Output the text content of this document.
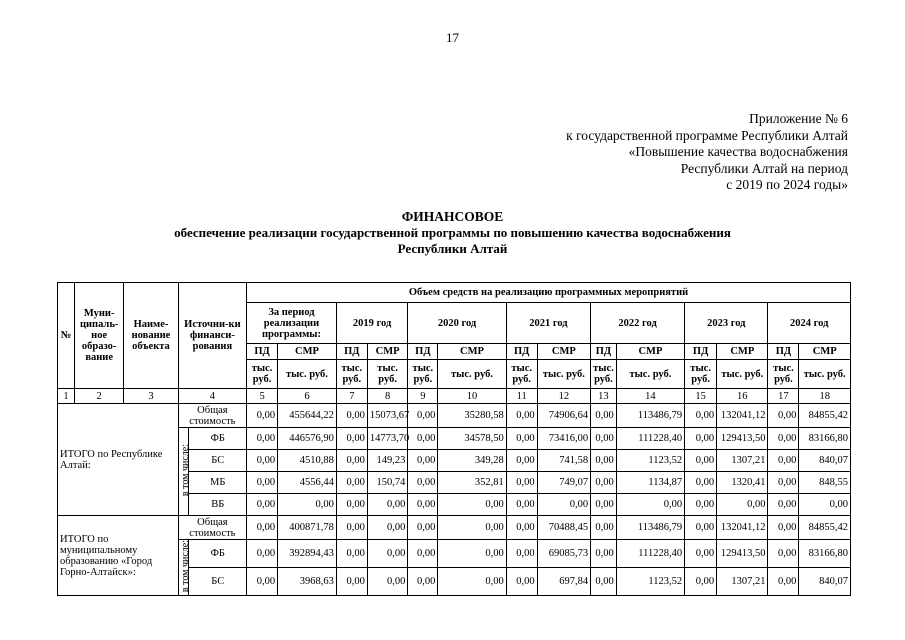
17
Приложение № 6
к государственной программе Республики Алтай
«Повышение качества водоснабжения
Республики Алтай на период
с 2019 по 2024 годы»
ФИНАНСОВОЕ
обеспечение реализации государственной программы по повышению качества водоснабжения
Республики Алтай
№	Муни-ципаль-ное образо-вание	Наиме-нование объекта	Источни-ки финанси-рования		Объем средств на реализацию программных мероприятий													
					За период реализации программы:		2019 год		2020 год		2021 год		2022 год		2023 год		2024 год	
					ПД	СМР	ПД	СМР	ПД	СМР	ПД	СМР	ПД	СМР	ПД	СМР	ПД	СМР
					тыс. руб.	тыс. руб.	тыс. руб.	тыс. руб.	тыс. руб.	тыс. руб.	тыс. руб.	тыс. руб.	тыс. руб.	тыс. руб.	тыс. руб.	тыс. руб.	тыс. руб.	тыс. руб.
1	2	3	4		5	6	7	8	9	10	11	12	13	14	15	16	17	18
ИТОГО по Республике Алтай:			Общая стоимость		0,00	455644,22	0,00	15073,67	0,00	35280,58	0,00	74906,64	0,00	113486,79	0,00	132041,12	0,00	84855,42
			в том числе:	ФБ	0,00	446576,90	0,00	14773,70	0,00	34578,50	0,00	73416,00	0,00	111228,40	0,00	129413,50	0,00	83166,80
				БС	0,00	4510,88	0,00	149,23	0,00	349,28	0,00	741,58	0,00	1123,52	0,00	1307,21	0,00	840,07
				МБ	0,00	4556,44	0,00	150,74	0,00	352,81	0,00	749,07	0,00	1134,87	0,00	1320,41	0,00	848,55
				ВБ	0,00	0,00	0,00	0,00	0,00	0,00	0,00	0,00	0,00	0,00	0,00	0,00	0,00	0,00
ИТОГО по муниципальному образованию «Город Горно-Алтайск»:			Общая стоимость		0,00	400871,78	0,00	0,00	0,00	0,00	0,00	70488,45	0,00	113486,79	0,00	132041,12	0,00	84855,42
			в том числе:	ФБ	0,00	392894,43	0,00	0,00	0,00	0,00	0,00	69085,73	0,00	111228,40	0,00	129413,50	0,00	83166,80
				БС	0,00	3968,63	0,00	0,00	0,00	0,00	0,00	697,84	0,00	1123,52	0,00	1307,21	0,00	840,07
